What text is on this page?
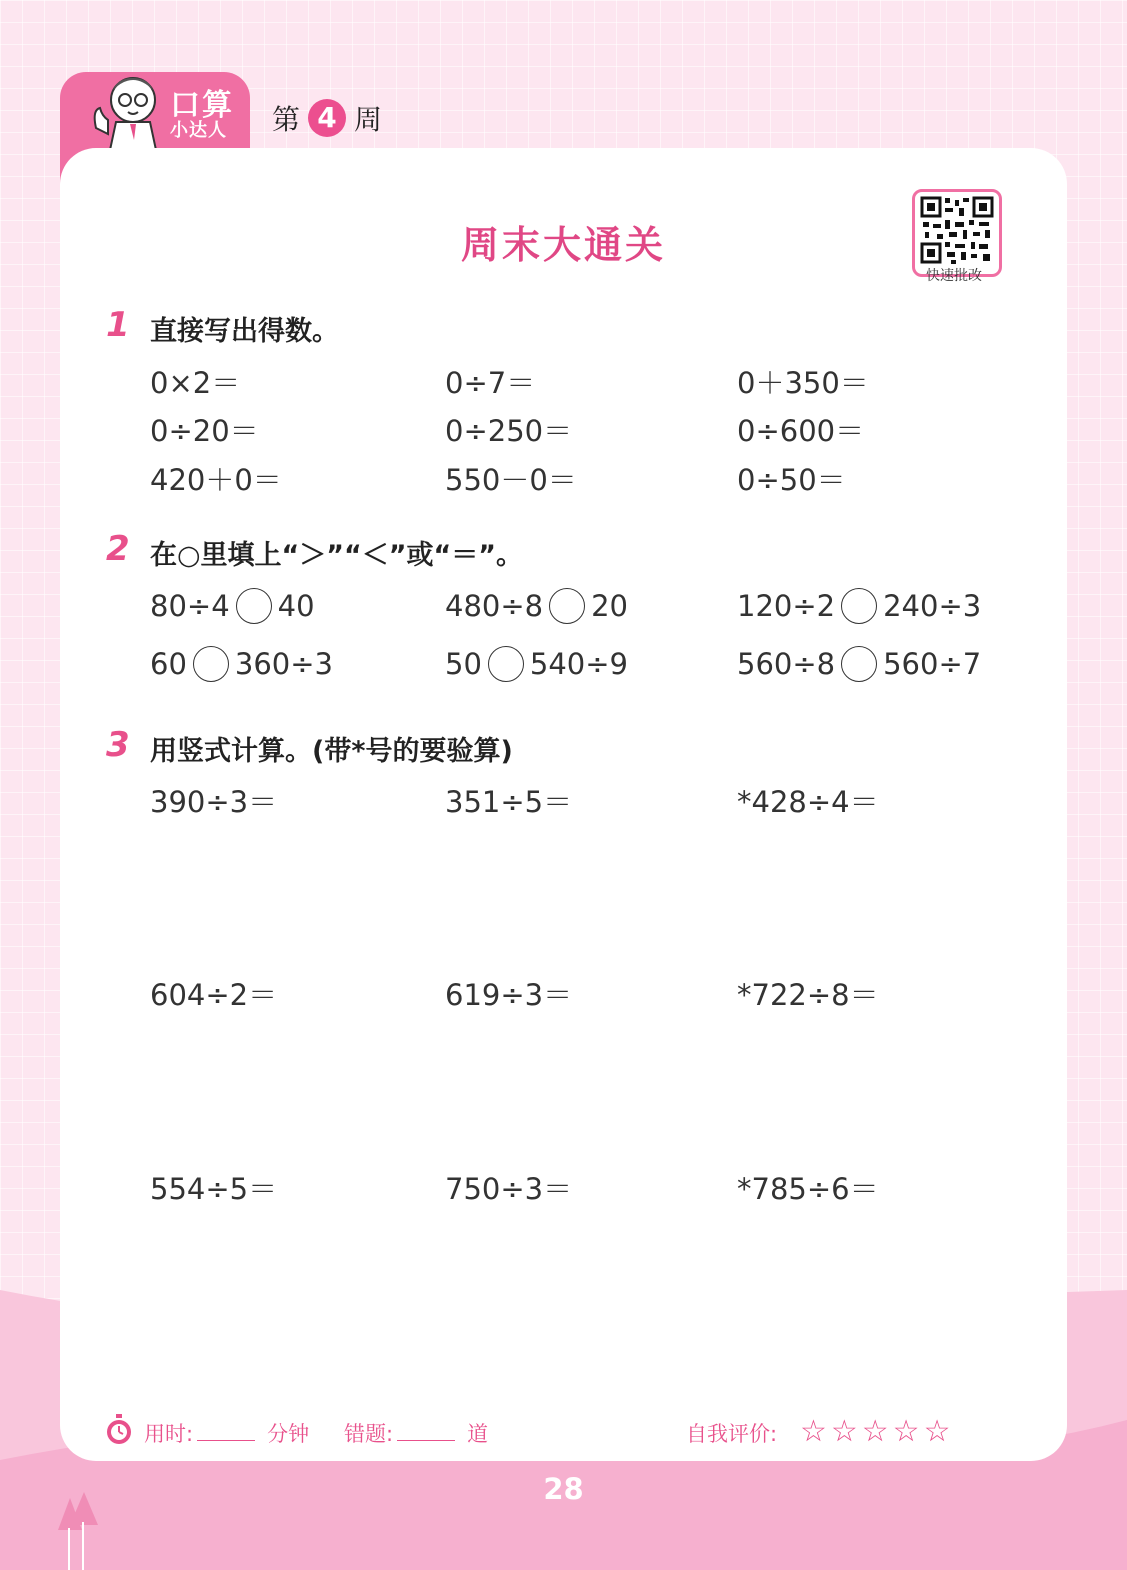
口算
小达人 第 4 周
周末大通关
快速批改
1 直接写出得数。
0×2＝	0÷7＝	0＋350＝
0÷20＝	0÷250＝	0÷600＝
420＋0＝	550－0＝	0÷50＝
2 在○里填上“＞”“＜”或“＝”。
80÷4 40	480÷8 20	120÷2 240÷3
60 360÷3	50 540÷9	560÷8 560÷7
3 用竖式计算。(带*号的要验算)
390÷3＝	351÷5＝	*428÷4＝
604÷2＝	619÷3＝	*722÷8＝
554÷5＝	750÷3＝	*785÷6＝
用时:	分钟 错题:	道	自我评价: ☆☆☆☆☆
28
